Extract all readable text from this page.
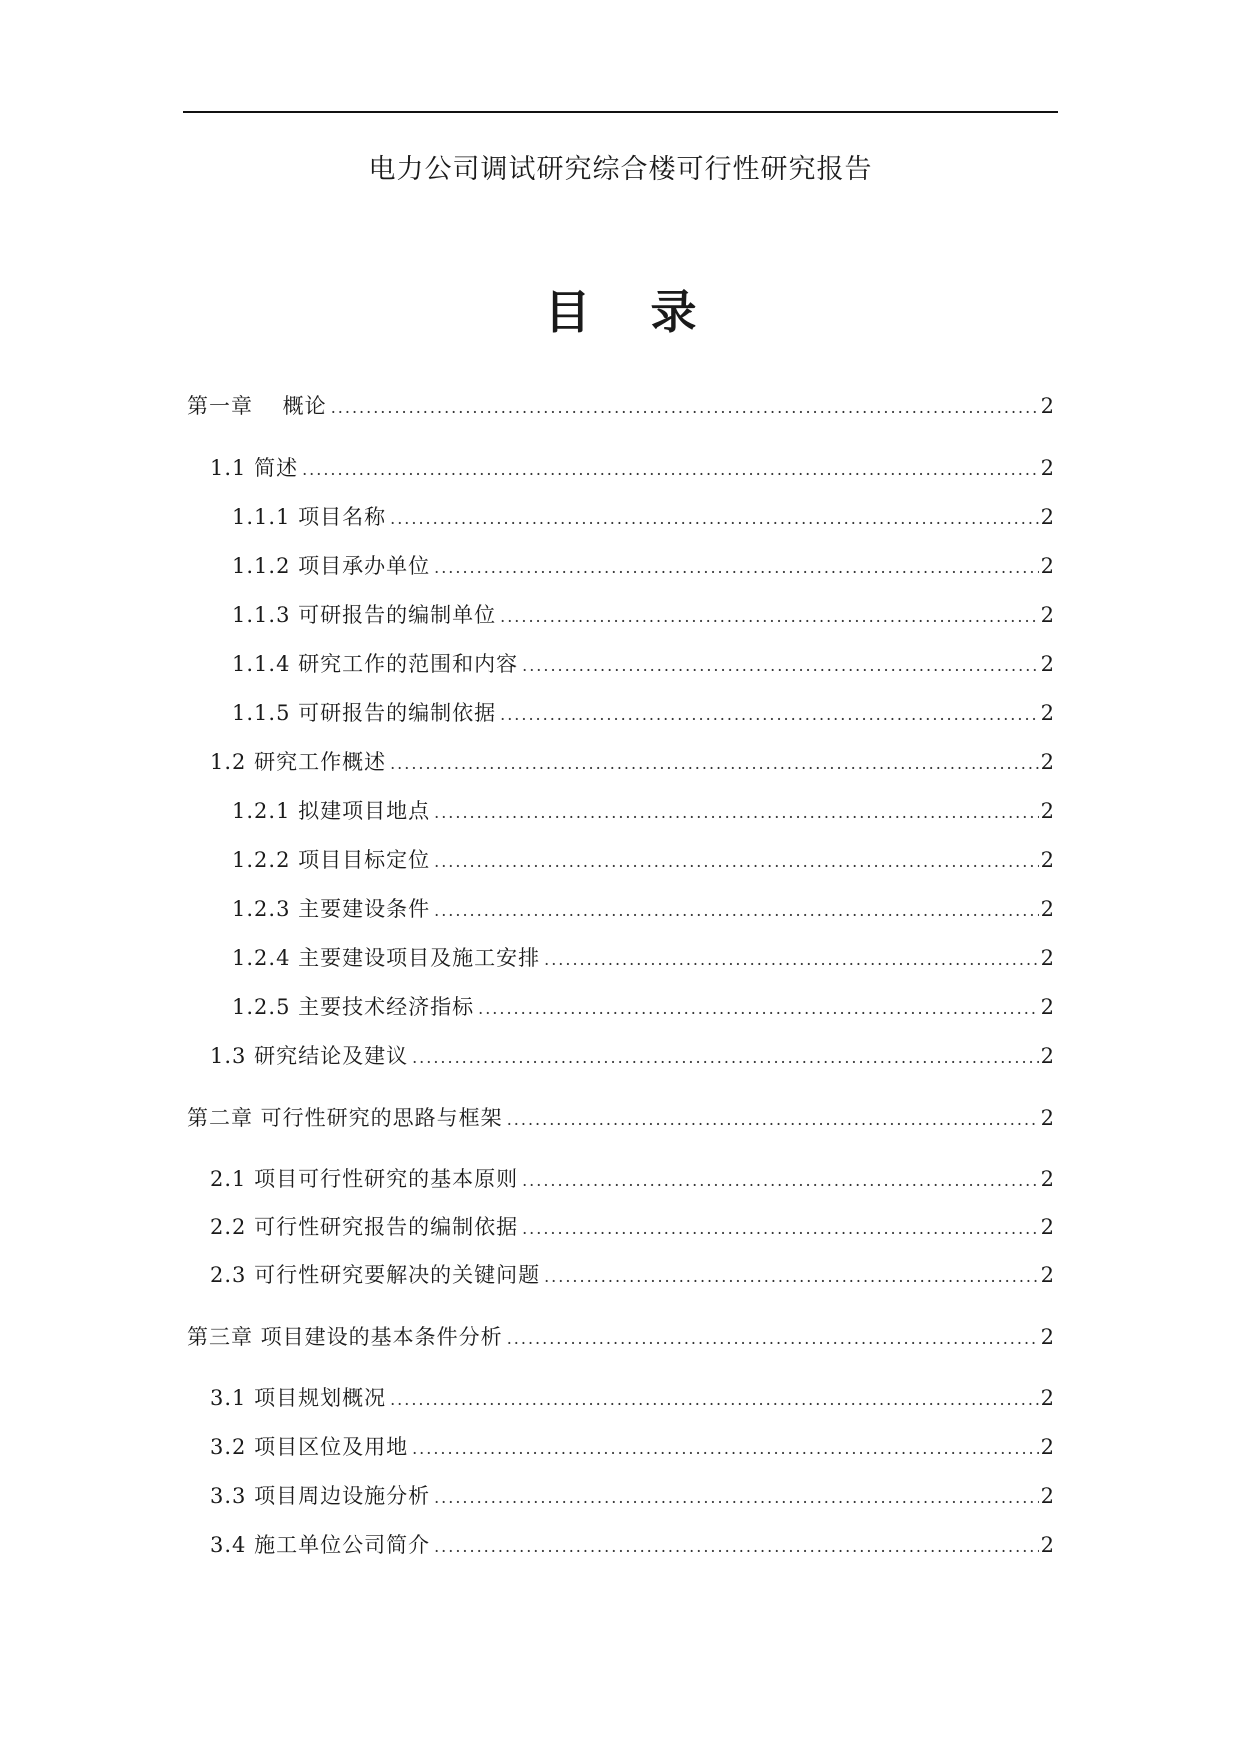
电力公司调试研究综合楼可行性研究报告
目录
第一章　 概论 .....	2
1.1 简述 .....	2
1.1.1 项目名称 .....	2
1.1.2 项目承办单位 .....	2
1.1.3 可研报告的编制单位 .....	2
1.1.4 研究工作的范围和内容 .....	2
1.1.5 可研报告的编制依据 .....	2
1.2 研究工作概述 .....	2
1.2.1 拟建项目地点 .....	2
1.2.2 项目目标定位 .....	2
1.2.3 主要建设条件 .....	2
1.2.4 主要建设项目及施工安排 .....	2
1.2.5 主要技术经济指标 .....	2
1.3 研究结论及建议 .....	2
第二章 可行性研究的思路与框架 .....	2
2.1 项目可行性研究的基本原则 .....	2
2.2 可行性研究报告的编制依据 .....	2
2.3 可行性研究要解决的关键问题 .....	2
第三章 项目建设的基本条件分析 .....	2
3.1 项目规划概况 .....	2
3.2 项目区位及用地 .....	2
3.3 项目周边设施分析 .....	2
3.4 施工单位公司简介 .....	2
